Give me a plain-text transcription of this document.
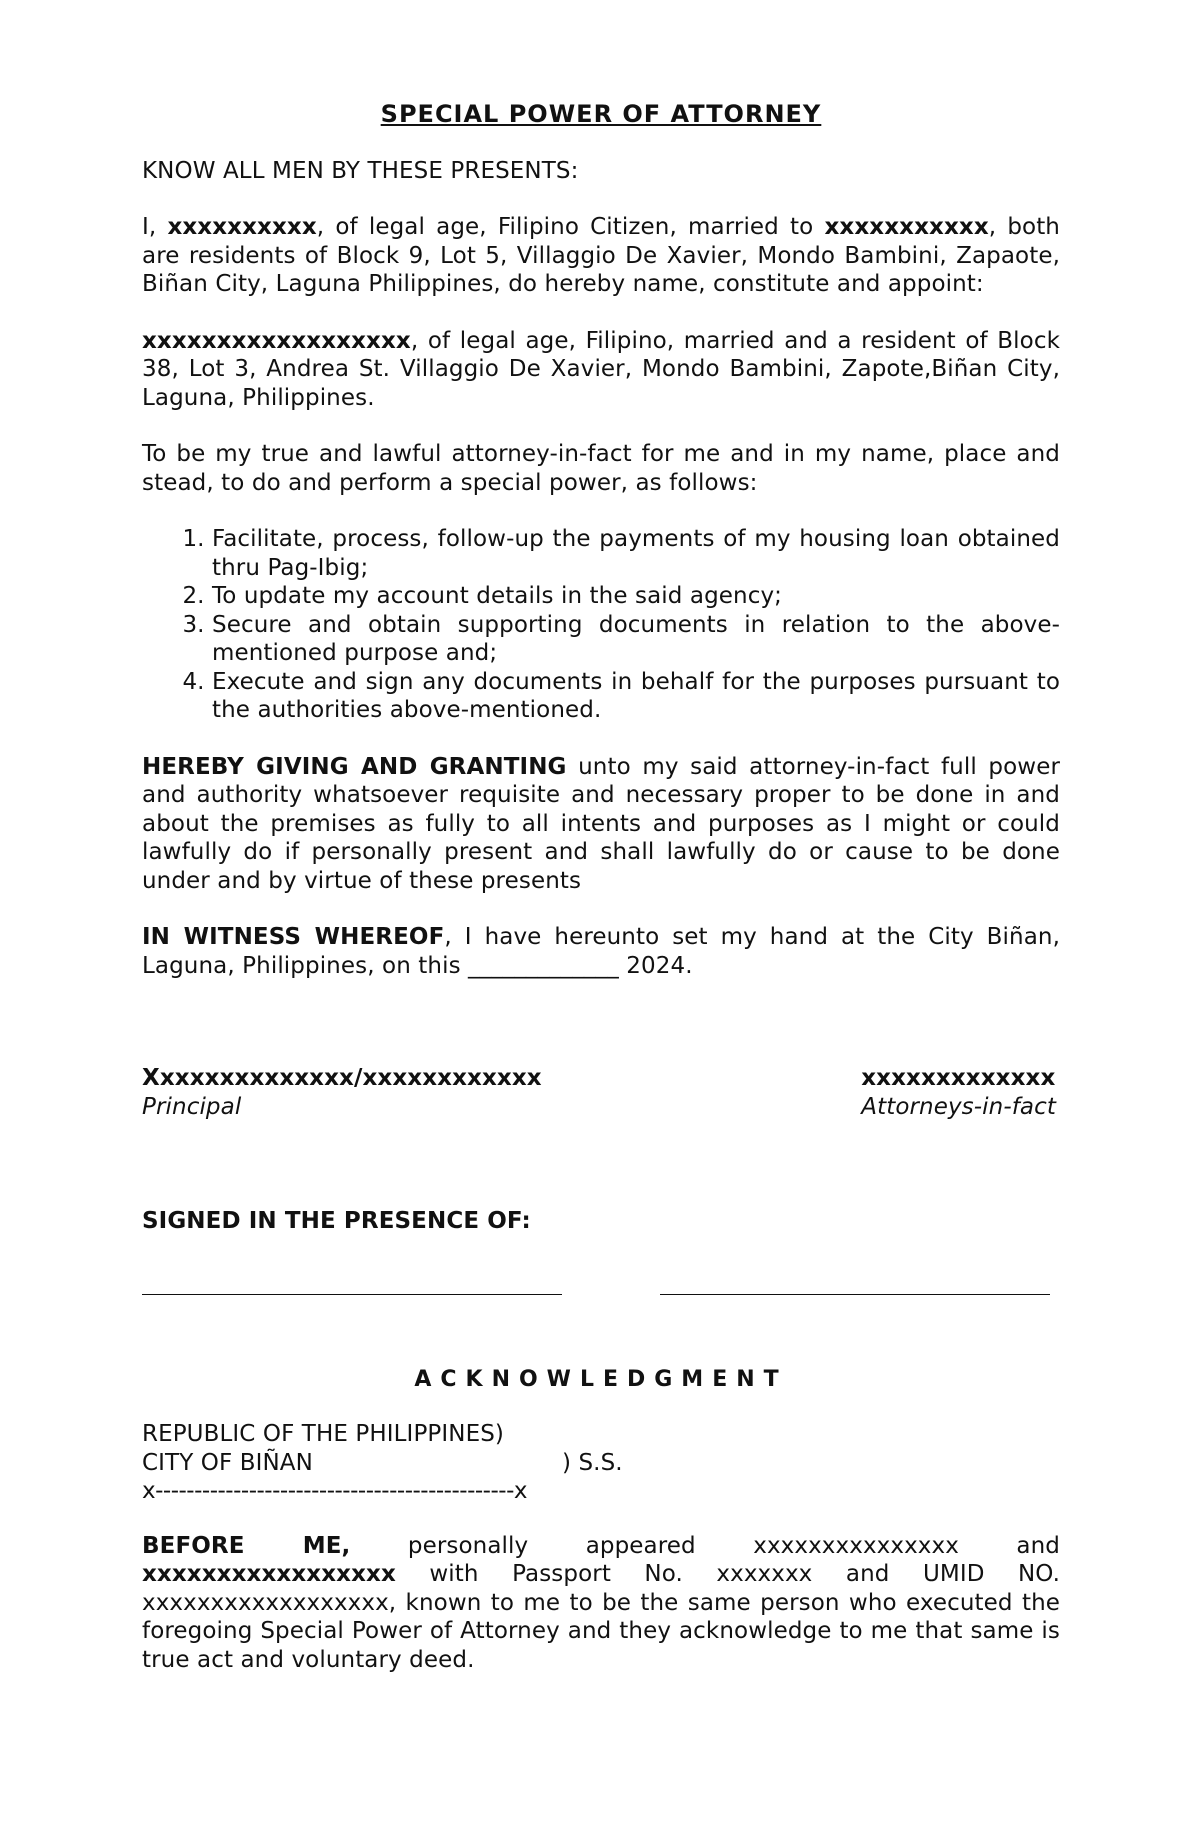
SPECIAL POWER OF ATTORNEY

KNOW ALL MEN BY THESE PRESENTS:

I, xxxxxxxxxx, of legal age, Filipino Citizen, married to xxxxxxxxxxx, both are residents of Block 9, Lot 5, Villaggio De Xavier, Mondo Bambini, Zapaote, Biñan City, Laguna Philippines, do hereby name, constitute and appoint:

xxxxxxxxxxxxxxxxxx, of legal age, Filipino, married and a resident of Block 38, Lot 3, Andrea St. Villaggio De Xavier, Mondo Bambini, Zapote,Biñan City, Laguna, Philippines.

To be my true and lawful attorney-in-fact for me and in my name, place and stead, to do and perform a special power, as follows:

1. Facilitate, process, follow-up the payments of my housing loan obtained thru Pag-Ibig;
2. To update my account details in the said agency;
3. Secure and obtain supporting documents in relation to the above-mentioned purpose and;
4. Execute and sign any documents in behalf for the purposes pursuant to the authorities above-mentioned.

HEREBY GIVING AND GRANTING unto my said attorney-in-fact full power and authority whatsoever requisite and necessary proper to be done in and about the premises as fully to all intents and purposes as I might or could lawfully do if personally present and shall lawfully do or cause to be done under and by virtue of these presents

IN WITNESS WHEREOF, I have hereunto set my hand at the City Biñan, Laguna, Philippines, on this _____________ 2024.

Xxxxxxxxxxxxxx/xxxxxxxxxxxx
Principal
xxxxxxxxxxxxx
Attorneys-in-fact

SIGNED IN THE PRESENCE OF:

ACKNOWLEDGMENT

REPUBLIC OF THE PHILIPPINES)

CITY OF BIÑAN	) S.S.

x----------------------------------------------x

BEFORE ME, personally appeared xxxxxxxxxxxxxxx and xxxxxxxxxxxxxxxxx with Passport No. xxxxxxx and UMID NO. xxxxxxxxxxxxxxxxxx, known to me to be the same person who executed the foregoing Special Power of Attorney and they acknowledge to me that same is true act and voluntary deed.
